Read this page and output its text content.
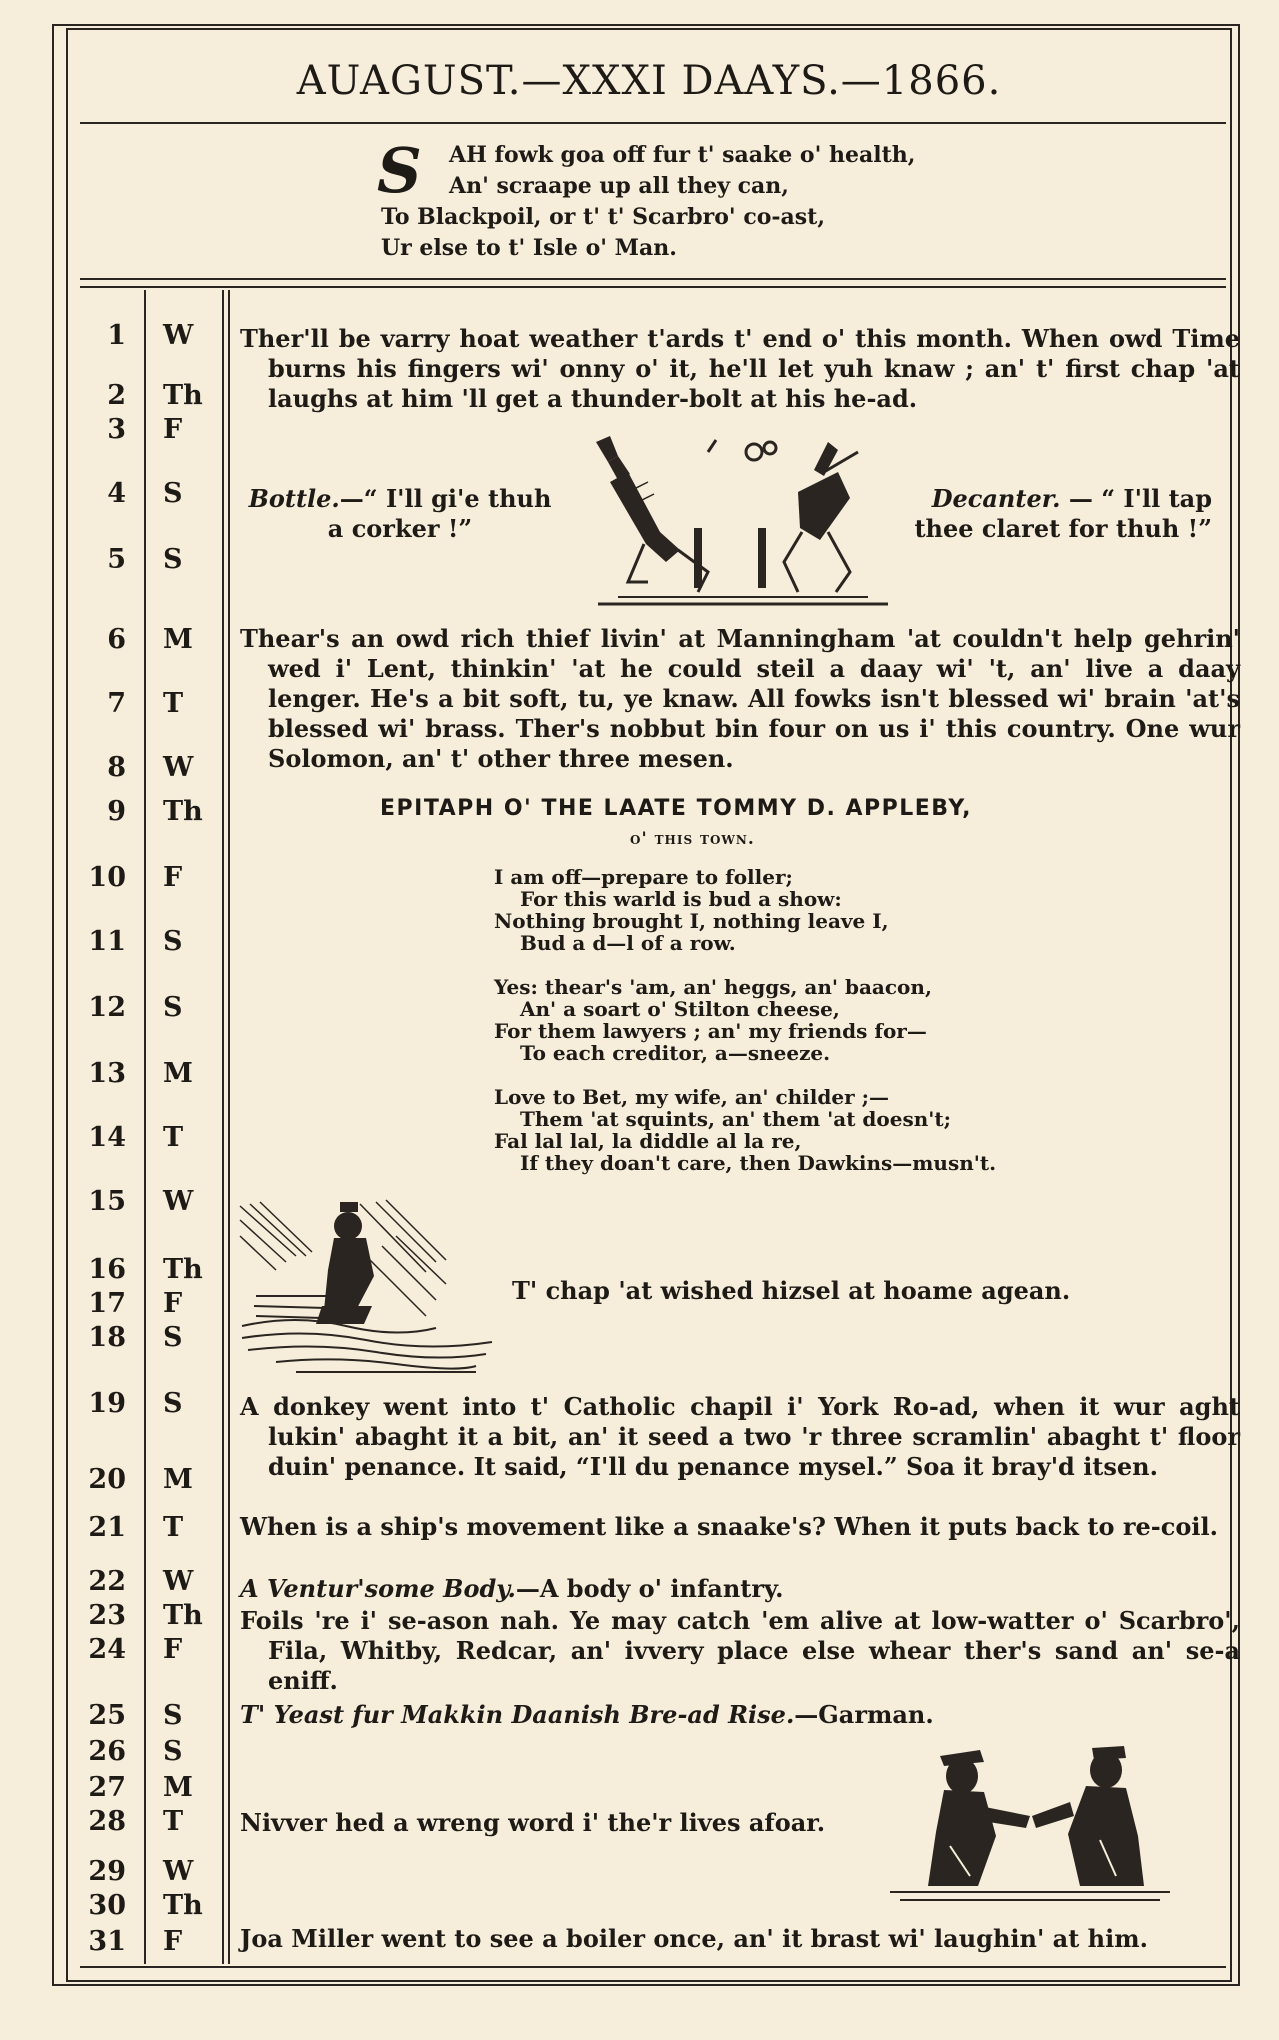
AUAGUST.—XXXI DAAYS.—1866.
S	AH fowk goa off fur t' saake o' health,
An' scraape up all they can,
To Blackpoil, or t' t' Scarbro' co-ast,
Ur else to t' Isle o' Man.
1 W
2 Th
3 F
4 S
5 S
6 M
7 T
8 W
9 Th
10 F
11 S
12 S
13 M
14 T
15 W
16 Th
17 F
18 S
19 S
20 M
21 T
22 W
23 Th
24 F
25 S
26 S
27 M
28 T
29 W
30 Th
31 F
Ther'll be varry hoat weather t'ards t' end o' this month. When owd Time burns his fingers wi' onny o' it, he'll let yuh knaw ; an' t' first chap 'at laughs at him 'll get a thunder-bolt at his he-ad.
Bottle.—“ I'll gi'e thuh a corker !”
Decanter. — “ I'll tap thee claret for thuh !”
Thear's an owd rich thief livin' at Manningham 'at couldn't help gehrin' wed i' Lent, thinkin' 'at he could steil a daay wi' 't, an' live a daay lenger. He's a bit soft, tu, ye knaw. All fowks isn't blessed wi' brain 'at's blessed wi' brass. Ther's nobbut bin four on us i' this country. One wur Solomon, an' t' other three mesen.
EPITAPH O' THE LAATE TOMMY D. APPLEBY,
o' this town.
I am off—prepare to foller;
For this warld is bud a show:
Nothing brought I, nothing leave I,
Bud a d—l of a row.
Yes: thear's 'am, an' heggs, an' baacon,
An' a soart o' Stilton cheese,
For them lawyers ; an' my friends for—
To each creditor, a—sneeze.
Love to Bet, my wife, an' childer ;—
Them 'at squints, an' them 'at doesn't;
Fal lal lal, la diddle al la re,
If they doan't care, then Dawkins—musn't.
T' chap 'at wished hizsel at hoame agean.
A donkey went into t' Catholic chapil i' York Ro-ad, when it wur aght lukin' abaght it a bit, an' it seed a two 'r three scramlin' abaght t' floor duin' penance. It said, “I'll du penance mysel.” Soa it bray'd itsen.
When is a ship's movement like a snaake's? When it puts back to re-coil.
A Ventur'some Body.—A body o' infantry.
Foils 're i' se-ason nah. Ye may catch 'em alive at low-watter o' Scarbro', Fila, Whitby, Redcar, an' ivvery place else whear ther's sand an' se-a eniff.
T' Yeast fur Makkin Daanish Bre-ad Rise.—Garman.
Nivver hed a wreng word i' the'r lives afoar.
Joa Miller went to see a boiler once, an' it brast wi' laughin' at him.
